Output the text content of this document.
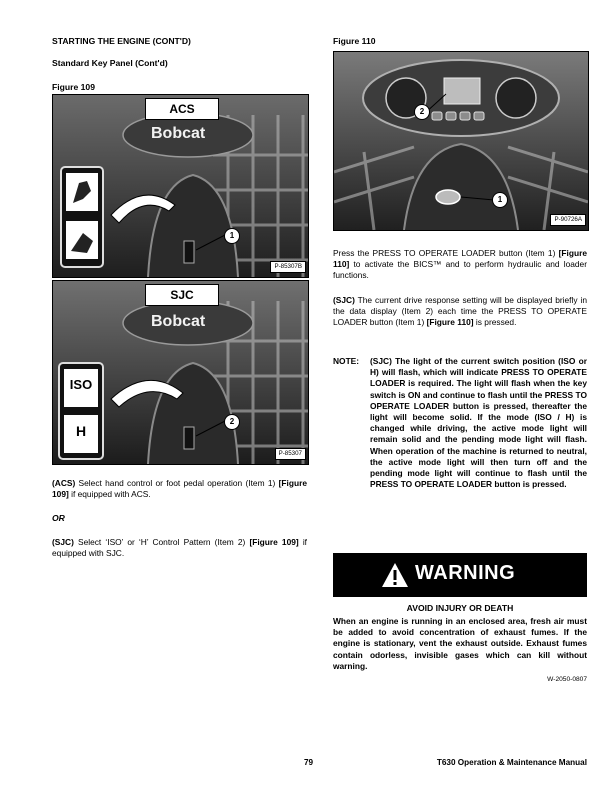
STARTING THE ENGINE (CONT'D)
Standard Key Panel (Cont'd)
Figure 109
ACS
Bobcat
1
P-85307B
SJC
Bobcat
ISO
H
2
P-85307
(ACS) Select hand control or foot pedal operation (Item 1) [Figure 109] if equipped with ACS.
OR
(SJC) Select ‘ISO’ or ‘H’ Control Pattern (Item 2) [Figure 109] if equipped with SJC.
Figure 110
2
1
P-90726A
Press the PRESS TO OPERATE LOADER button (Item 1) [Figure 110] to activate the BICS™ and to perform hydraulic and loader functions.
(SJC) The current drive response setting will be displayed briefly in the data display (Item 2) each time the PRESS TO OPERATE LOADER button (Item 1) [Figure 110] is pressed.
NOTE: (SJC) The light of the current switch position (ISO or H) will flash, which will indicate PRESS TO OPERATE LOADER is required. The light will flash when the key switch is ON and continue to flash until the PRESS TO OPERATE LOADER button is pressed, thereafter the light will become solid. If the mode (ISO / H) is changed while driving, the active mode light will remain solid and the pending mode light will flash. When operation of the machine is returned to neutral, the active mode light will then turn off and the pending mode light will continue to flash until the PRESS TO OPERATE LOADER button is pressed.
WARNING
AVOID INJURY OR DEATH
When an engine is running in an enclosed area, fresh air must be added to avoid concentration of exhaust fumes. If the engine is stationary, vent the exhaust outside. Exhaust fumes contain odorless, invisible gases which can kill without warning.
W-2050-0807
79	T630 Operation & Maintenance Manual
